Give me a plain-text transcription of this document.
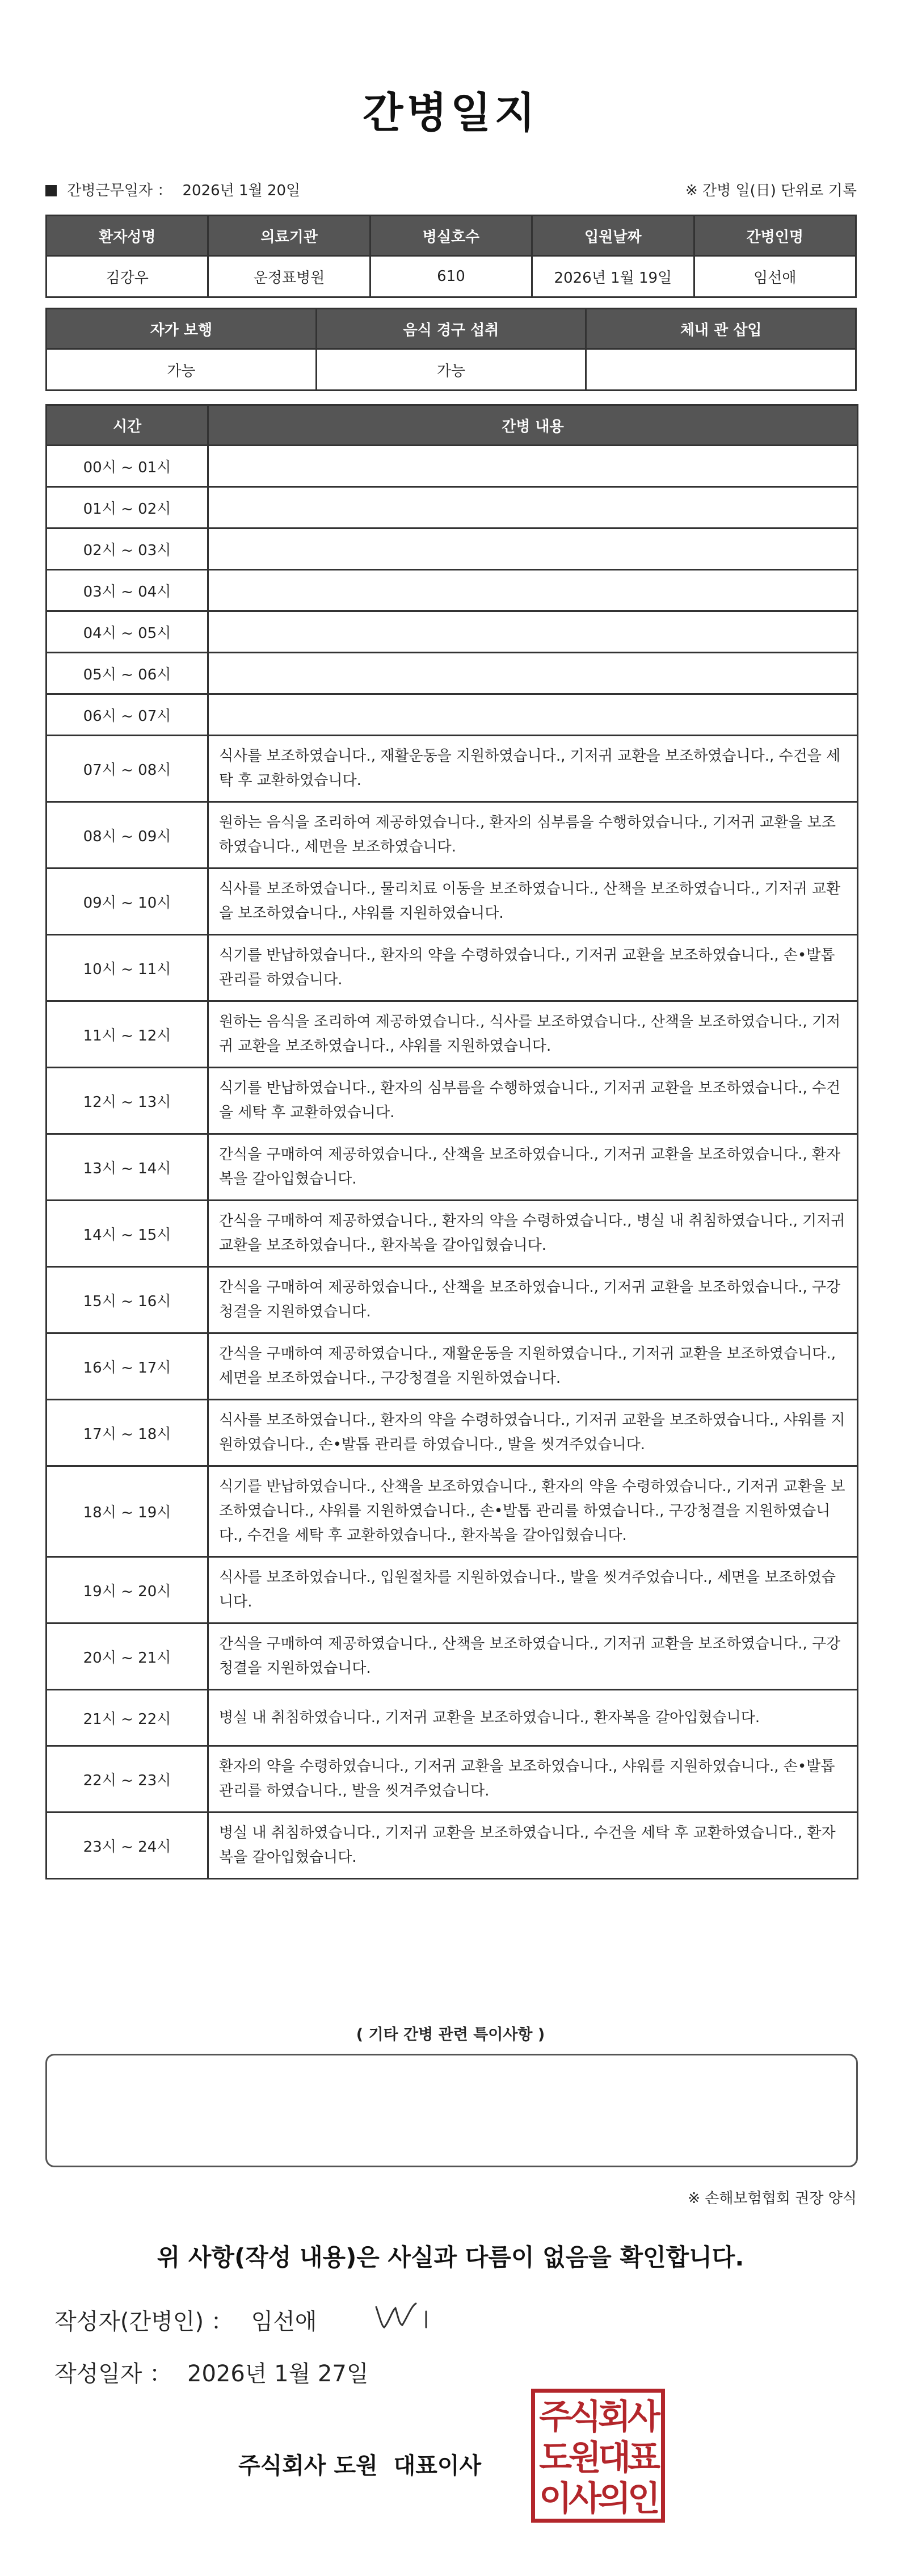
간병일지
간병근무일자 ： 2026년 1월 20일	※ 간병 일(日) 단위로 기록
환자성명	의료기관	병실호수	입원날짜	간병인명
김강우	운정표병원	610	2026년 1월 19일	임선애
자가 보행	음식 경구 섭취	체내 관 삽입
가능	가능	
시간	간병 내용
00시 ~ 01시	
01시 ~ 02시	
02시 ~ 03시	
03시 ~ 04시	
04시 ~ 05시	
05시 ~ 06시	
06시 ~ 07시	
07시 ~ 08시	식사를 보조하였습니다., 재활운동을 지원하였습니다., 기저귀 교환을 보조하였습니다., 수건을 세탁 후 교환하였습니다.
08시 ~ 09시	원하는 음식을 조리하여 제공하였습니다., 환자의 심부름을 수행하였습니다., 기저귀 교환을 보조하였습니다., 세면을 보조하였습니다.
09시 ~ 10시	식사를 보조하였습니다., 물리치료 이동을 보조하였습니다., 산책을 보조하였습니다., 기저귀 교환을 보조하였습니다., 샤워를 지원하였습니다.
10시 ~ 11시	식기를 반납하였습니다., 환자의 약을 수령하였습니다., 기저귀 교환을 보조하였습니다., 손•발톱 관리를 하였습니다.
11시 ~ 12시	원하는 음식을 조리하여 제공하였습니다., 식사를 보조하였습니다., 산책을 보조하였습니다., 기저귀 교환을 보조하였습니다., 샤워를 지원하였습니다.
12시 ~ 13시	식기를 반납하였습니다., 환자의 심부름을 수행하였습니다., 기저귀 교환을 보조하였습니다., 수건을 세탁 후 교환하였습니다.
13시 ~ 14시	간식을 구매하여 제공하였습니다., 산책을 보조하였습니다., 기저귀 교환을 보조하였습니다., 환자복을 갈아입혔습니다.
14시 ~ 15시	간식을 구매하여 제공하였습니다., 환자의 약을 수령하였습니다., 병실 내 취침하였습니다., 기저귀 교환을 보조하였습니다., 환자복을 갈아입혔습니다.
15시 ~ 16시	간식을 구매하여 제공하였습니다., 산책을 보조하였습니다., 기저귀 교환을 보조하였습니다., 구강청결을 지원하였습니다.
16시 ~ 17시	간식을 구매하여 제공하였습니다., 재활운동을 지원하였습니다., 기저귀 교환을 보조하였습니다., 세면을 보조하였습니다., 구강청결을 지원하였습니다.
17시 ~ 18시	식사를 보조하였습니다., 환자의 약을 수령하였습니다., 기저귀 교환을 보조하였습니다., 샤워를 지원하였습니다., 손•발톱 관리를 하였습니다., 발을 씻겨주었습니다.
18시 ~ 19시	식기를 반납하였습니다., 산책을 보조하였습니다., 환자의 약을 수령하였습니다., 기저귀 교환을 보조하였습니다., 샤워를 지원하였습니다., 손•발톱 관리를 하였습니다., 구강청결을 지원하였습니다., 수건을 세탁 후 교환하였습니다., 환자복을 갈아입혔습니다.
19시 ~ 20시	식사를 보조하였습니다., 입원절차를 지원하였습니다., 발을 씻겨주었습니다., 세면을 보조하였습니다.
20시 ~ 21시	간식을 구매하여 제공하였습니다., 산책을 보조하였습니다., 기저귀 교환을 보조하였습니다., 구강청결을 지원하였습니다.
21시 ~ 22시	병실 내 취침하였습니다., 기저귀 교환을 보조하였습니다., 환자복을 갈아입혔습니다.
22시 ~ 23시	환자의 약을 수령하였습니다., 기저귀 교환을 보조하였습니다., 샤워를 지원하였습니다., 손•발톱 관리를 하였습니다., 발을 씻겨주었습니다.
23시 ~ 24시	병실 내 취침하였습니다., 기저귀 교환을 보조하였습니다., 수건을 세탁 후 교환하였습니다., 환자복을 갈아입혔습니다.
( 기타 간병 관련 특이사항 )
※ 손해보험협회 권장 양식
위 사항(작성 내용)은 사실과 다름이 없음을 확인합니다.
작성자(간병인) ： 임선애
작성일자 ： 2026년 1월 27일
주식회사 도원  대표이사
주식회사
도원대표
이사의인
